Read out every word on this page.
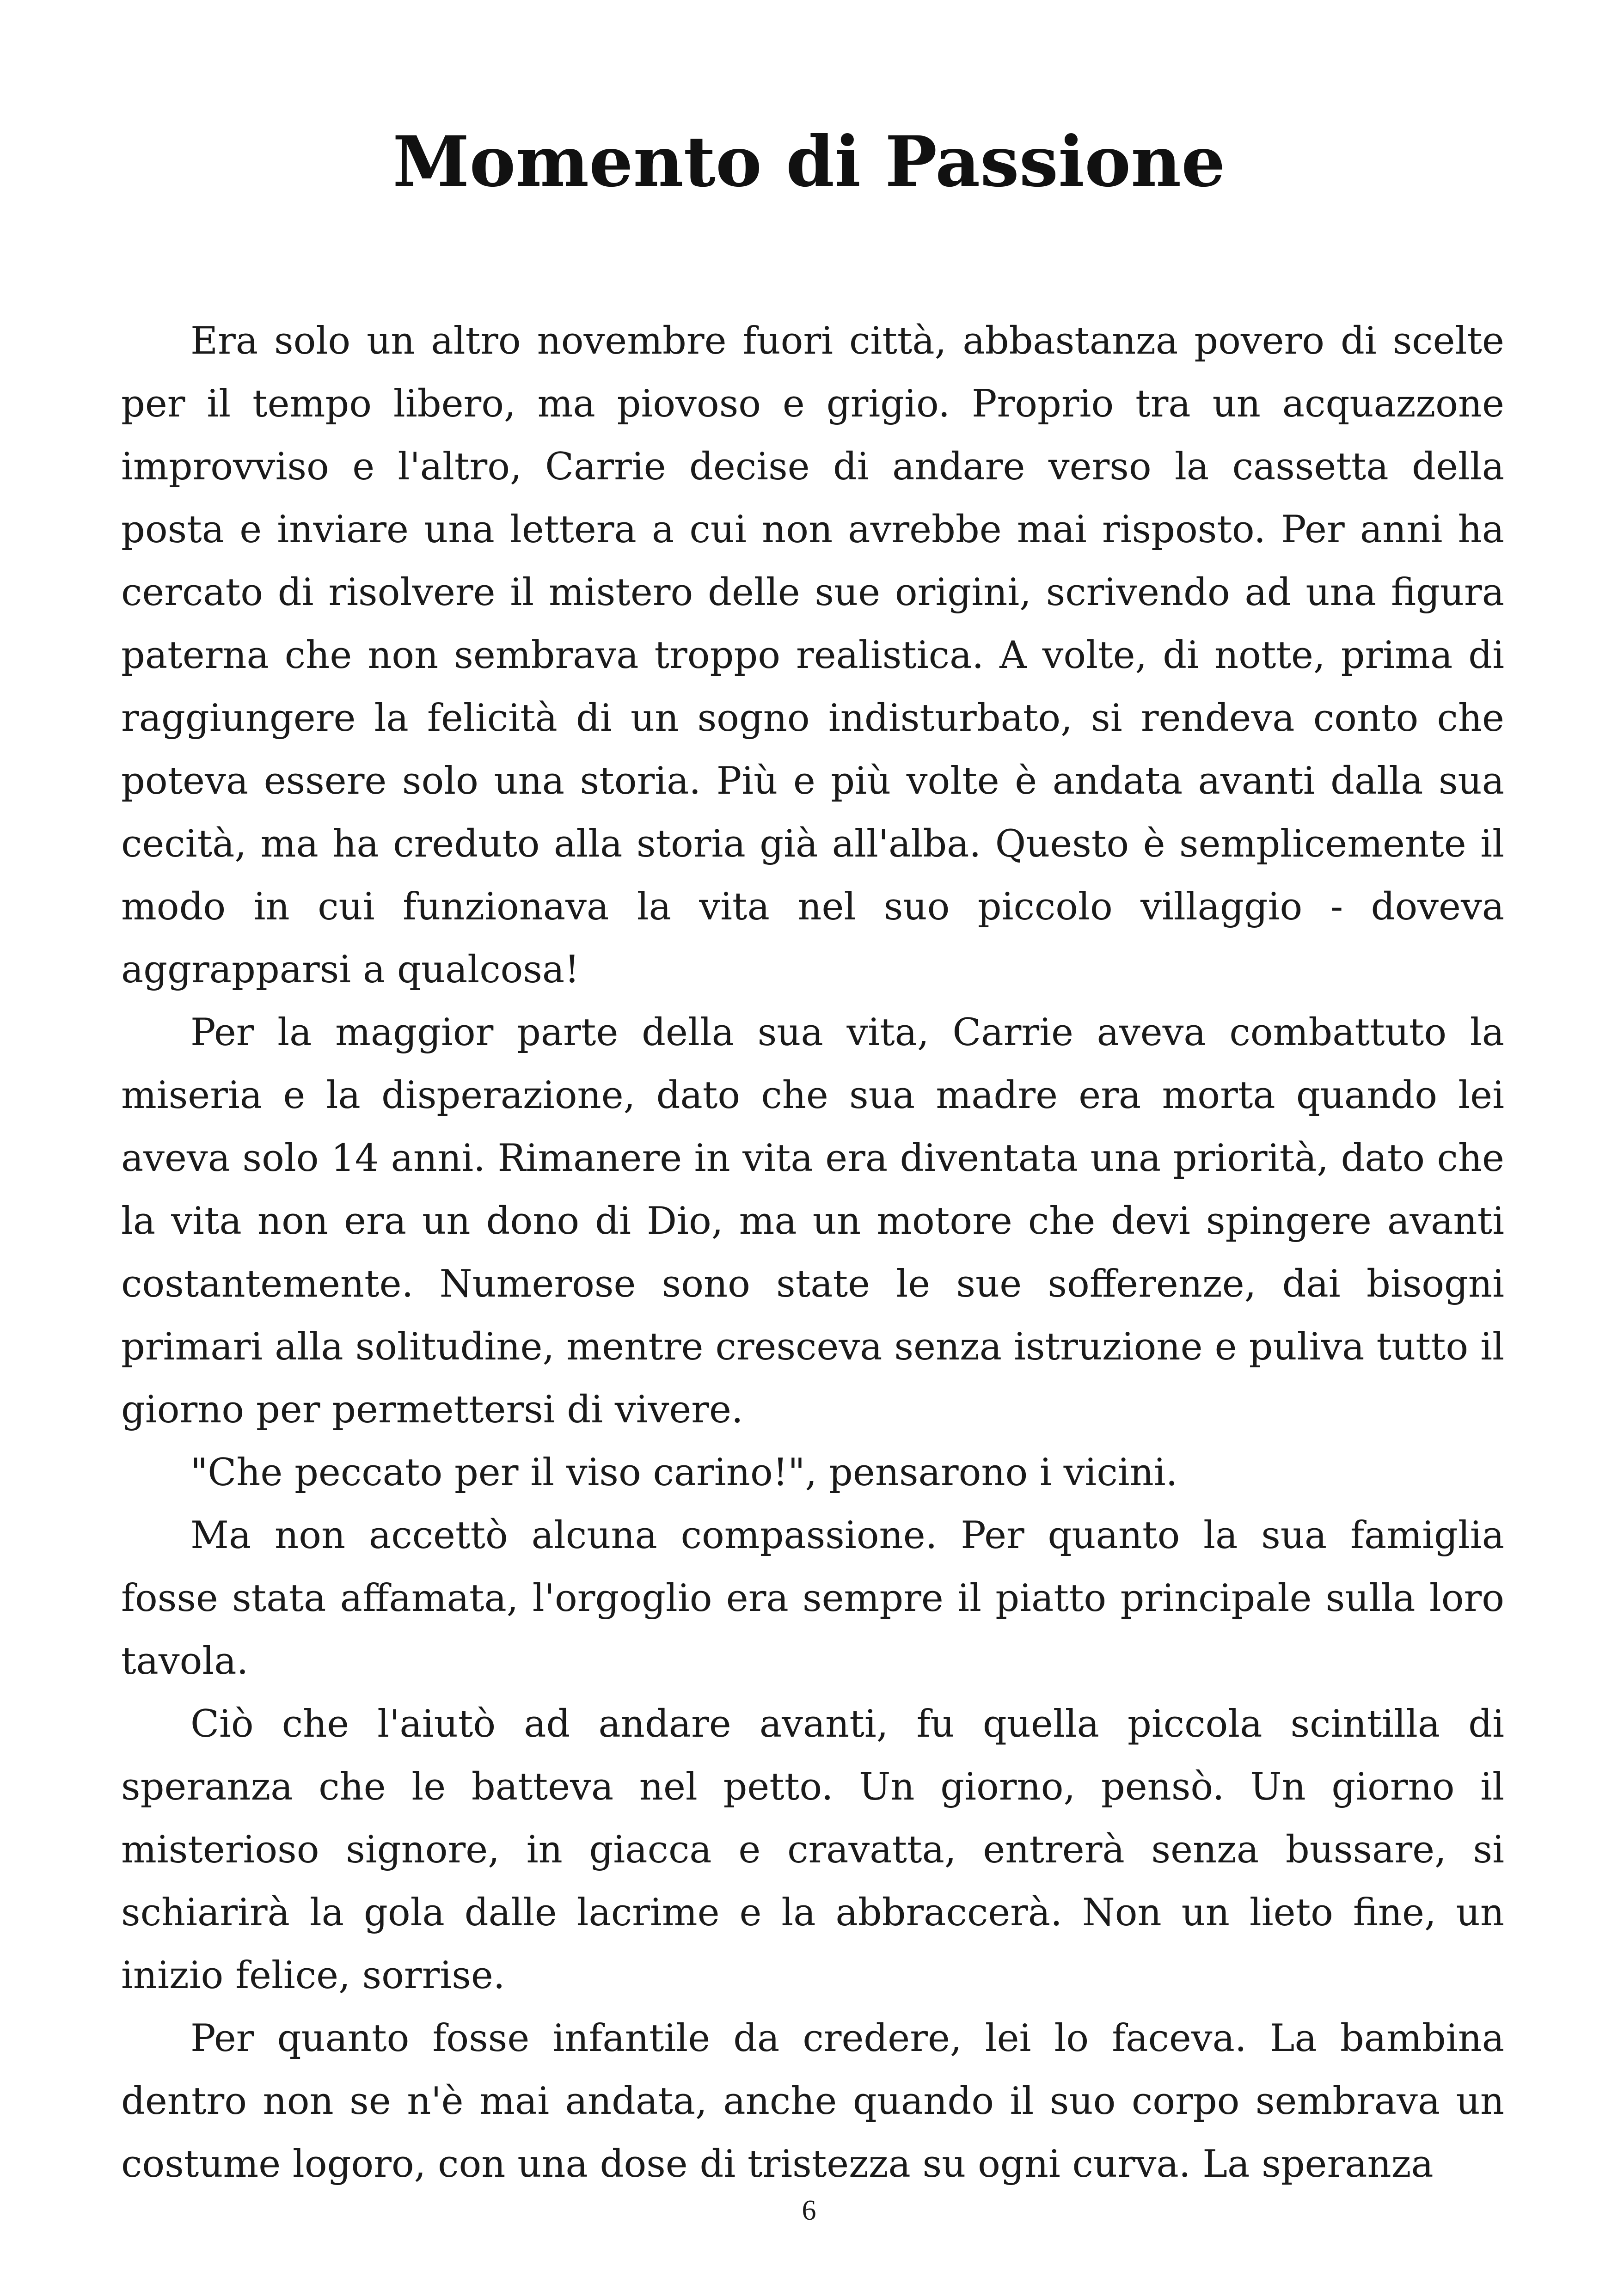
Momento di Passione

Era solo un altro novembre fuori città, abbastanza povero di scelte per il tempo libero, ma piovoso e grigio. Proprio tra un acquazzone improvviso e l'altro, Carrie decise di andare verso la cassetta della posta e inviare una lettera a cui non avrebbe mai risposto. Per anni ha cercato di risolvere il mistero delle sue origini, scrivendo ad una figura paterna che non sembrava troppo realistica. A volte, di notte, prima di raggiungere la felicità di un sogno indisturbato, si rendeva conto che poteva essere solo una storia. Più e più volte è andata avanti dalla sua cecità, ma ha creduto alla storia già all'alba. Questo è semplicemente il modo in cui funzionava la vita nel suo piccolo villaggio - doveva aggrapparsi a qualcosa!

Per la maggior parte della sua vita, Carrie aveva combattuto la miseria e la disperazione, dato che sua madre era morta quando lei aveva solo 14 anni. Rimanere in vita era diventata una priorità, dato che la vita non era un dono di Dio, ma un motore che devi spingere avanti costantemente. Numerose sono state le sue sofferenze, dai bisogni primari alla solitudine, mentre cresceva senza istruzione e puliva tutto il giorno per permettersi di vivere.

"Che peccato per il viso carino!", pensarono i vicini.

Ma non accettò alcuna compassione. Per quanto la sua famiglia fosse stata affamata, l'orgoglio era sempre il piatto principale sulla loro tavola.

Ciò che l'aiutò ad andare avanti, fu quella piccola scintilla di speranza che le batteva nel petto. Un giorno, pensò. Un giorno il misterioso signore, in giacca e cravatta, entrerà senza bussare, si schiarirà la gola dalle lacrime e la abbraccerà. Non un lieto fine, un inizio felice, sorrise.

Per quanto fosse infantile da credere, lei lo faceva. La bambina dentro non se n'è mai andata, anche quando il suo corpo sembrava un costume logoro, con una dose di tristezza su ogni curva. La speranza

6
